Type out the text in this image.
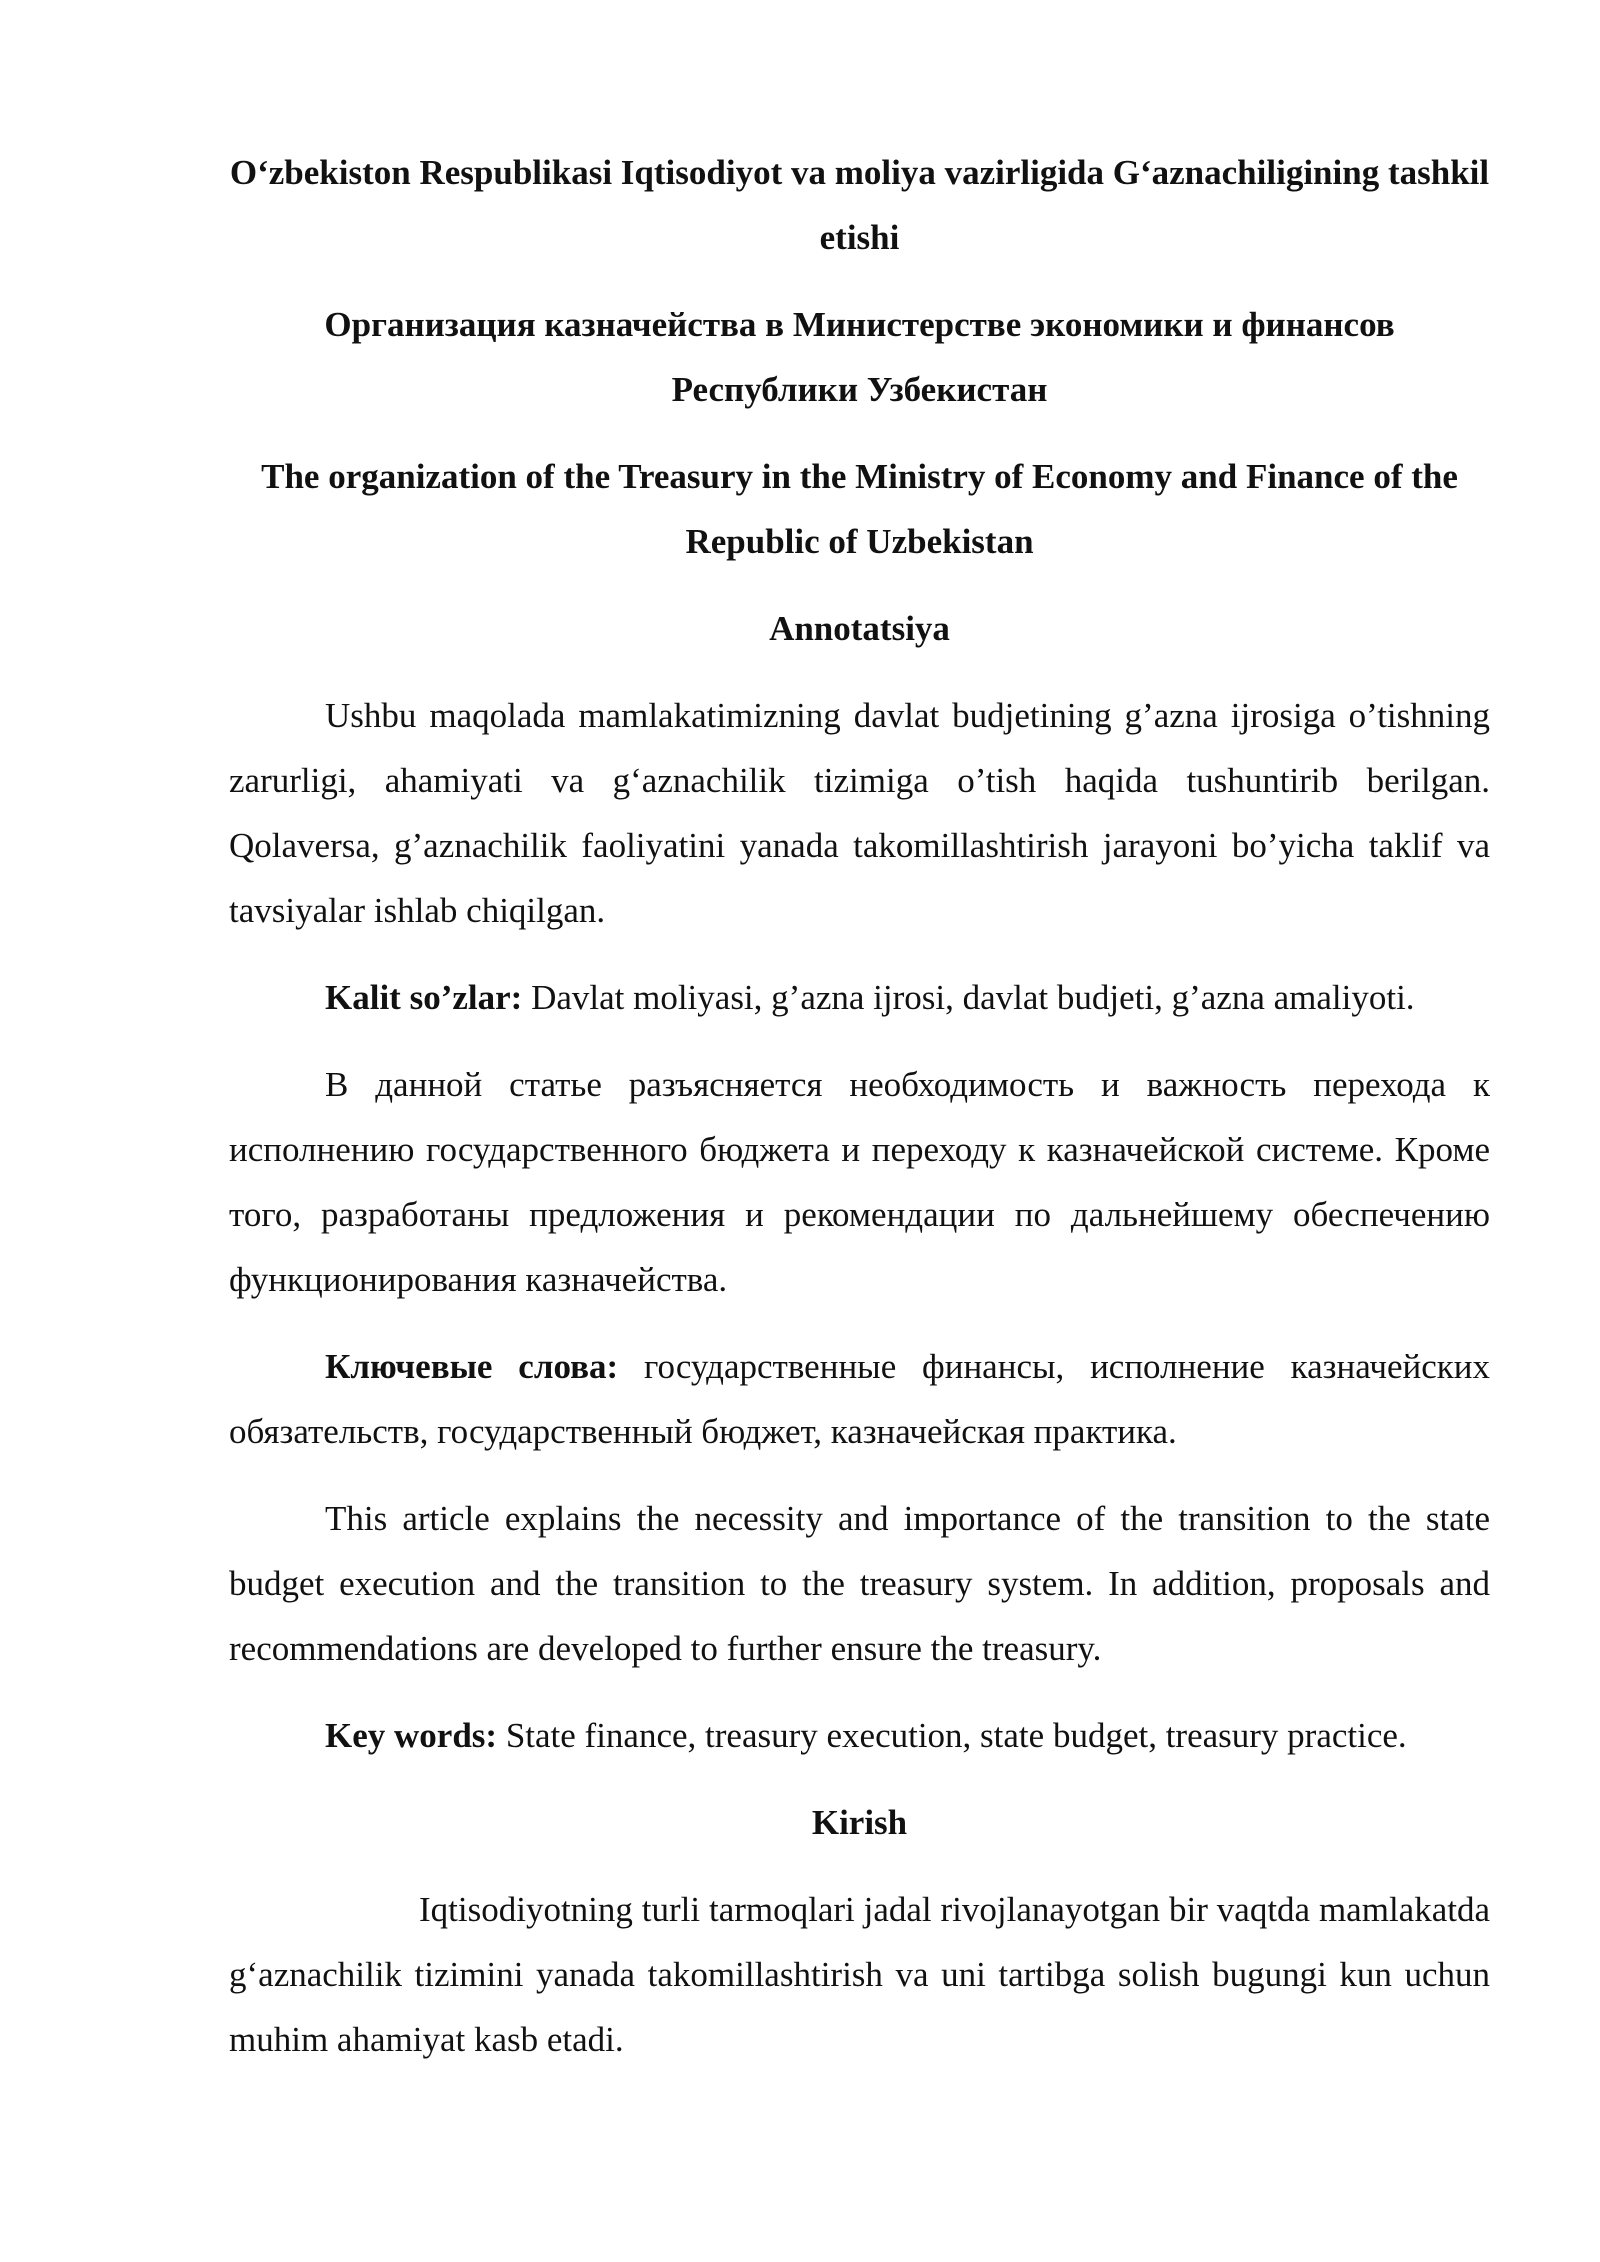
O‘zbekiston Respublikasi Iqtisodiyot va moliya vazirligida G‘aznachiligining tashkil etishi

Организация казначейства в Министерстве экономики и финансов Республики Узбекистан

The organization of the Treasury in the Ministry of Economy and Finance of the Republic of Uzbekistan

Annotatsiya

Ushbu maqolada mamlakatimizning davlat budjetining g’azna ijrosiga o’tishning zarurligi, ahamiyati va g‘aznachilik tizimiga o’tish haqida tushuntirib berilgan. Qolaversa, g’aznachilik faoliyatini yanada takomillashtirish jarayoni bo’yicha taklif va tavsiyalar ishlab chiqilgan.

Kalit so’zlar: Davlat moliyasi, g’azna ijrosi, davlat budjeti, g’azna amaliyoti.

В данной статье разъясняется необходимость и важность перехода к исполнению государственного бюджета и переходу к казначейской системе. Кроме того, разработаны предложения и рекомендации по дальнейшему обеспечению функционирования казначейства.

Ключевые слова: государственные финансы, исполнение казначейских обязательств, государственный бюджет, казначейская практика.

This article explains the necessity and importance of the transition to the state budget execution and the transition to the treasury system. In addition, proposals and recommendations are developed to further ensure the treasury.

Key words: State finance, treasury execution, state budget, treasury practice.

Kirish

Iqtisodiyotning turli tarmoqlari jadal rivojlanayotgan bir vaqtda mamlakatda g‘aznachilik tizimini yanada takomillashtirish va uni tartibga solish bugungi kun uchun muhim ahamiyat kasb etadi.
